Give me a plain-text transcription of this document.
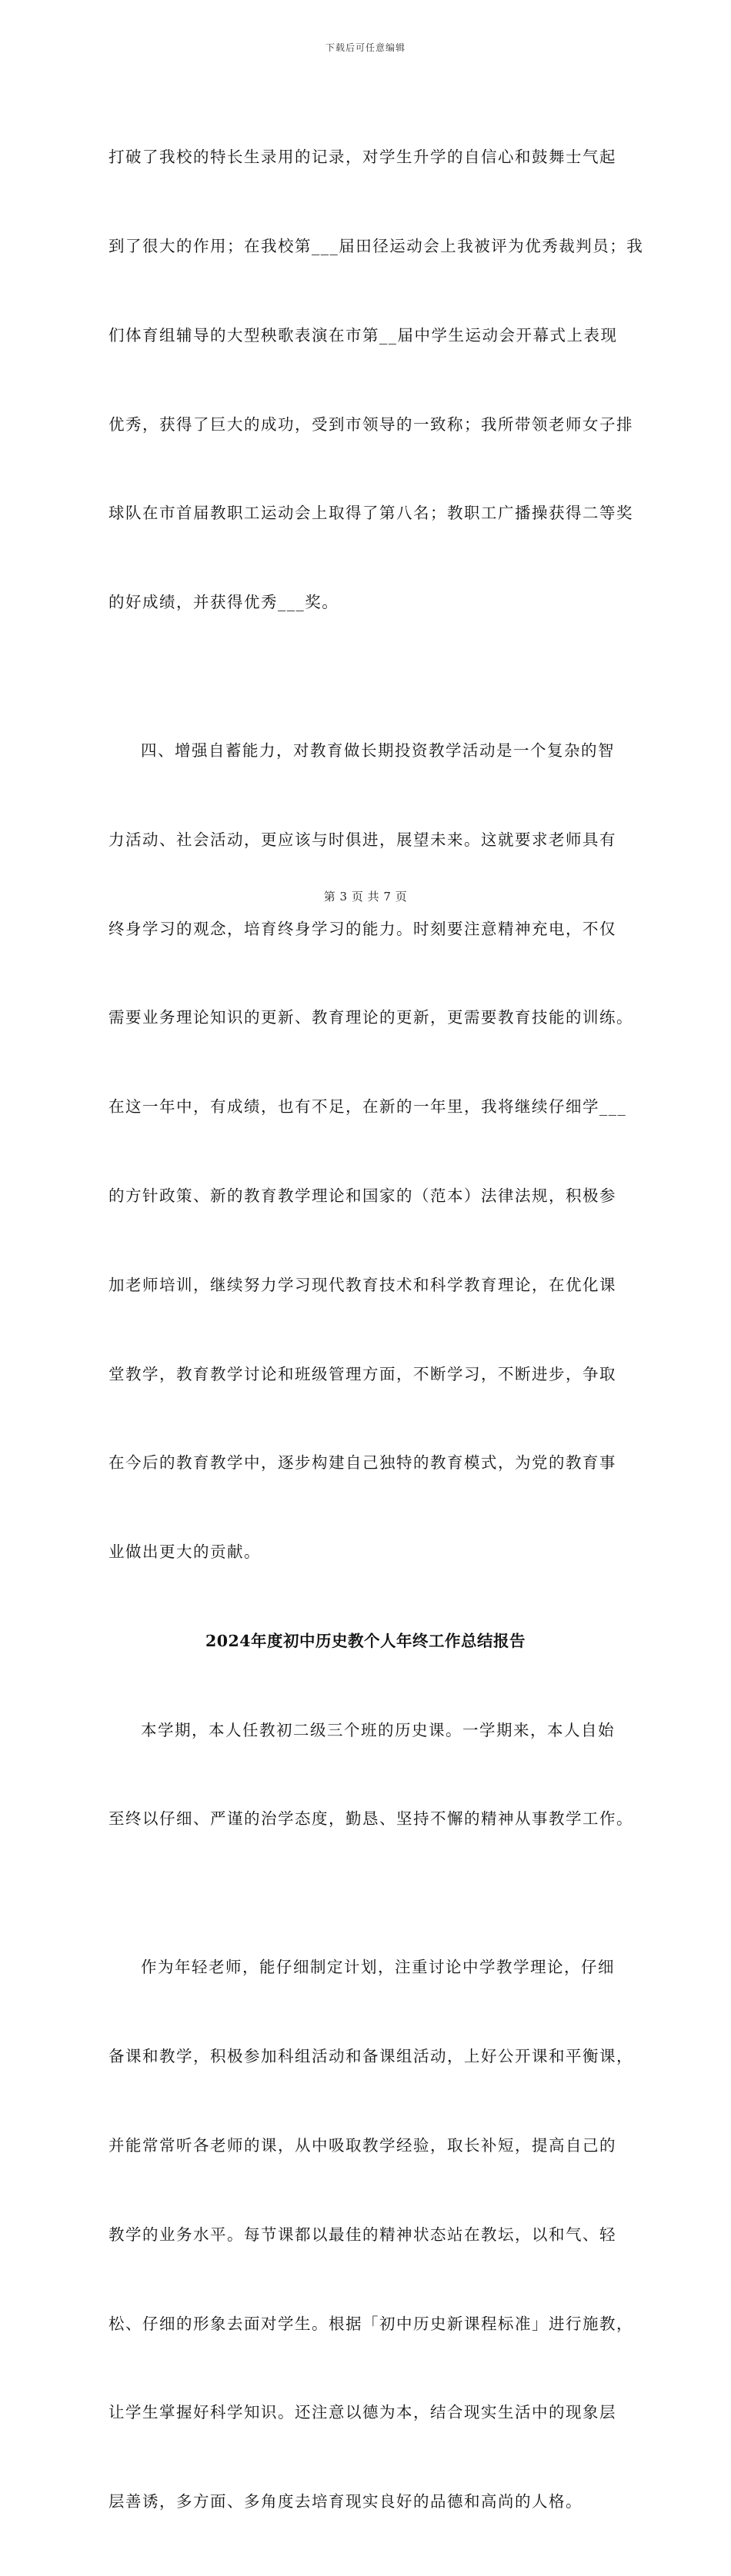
下载后可任意编辑

打破了我校的特长生录用的记录，对学生升学的自信心和鼓舞士气起

到了很大的作用；在我校第___届田径运动会上我被评为优秀裁判员；我

们体育组辅导的大型秧歌表演在市第__届中学生运动会开幕式上表现

优秀，获得了巨大的成功，受到市领导的一致称；我所带领老师女子排

球队在市首届教职工运动会上取得了第八名；教职工广播操获得二等奖

的好成绩，并获得优秀___奖。

四、增强自蓄能力，对教育做长期投资教学活动是一个复杂的智

力活动、社会活动，更应该与时俱进，展望未来。这就要求老师具有

终身学习的观念，培育终身学习的能力。时刻要注意精神充电，不仅

需要业务理论知识的更新、教育理论的更新，更需要教育技能的训练。

在这一年中，有成绩，也有不足，在新的一年里，我将继续仔细学___

的方针政策、新的教育教学理论和国家的（范本）法律法规，积极参

加老师培训，继续努力学习现代教育技术和科学教育理论，在优化课

堂教学，教育教学讨论和班级管理方面，不断学习，不断进步，争取

在今后的教育教学中，逐步构建自己独特的教育模式，为党的教育事

业做出更大的贡献。

2024年度初中历史教个人年终工作总结报告

本学期，本人任教初二级三个班的历史课。一学期来，本人自始

至终以仔细、严谨的治学态度，勤恳、坚持不懈的精神从事教学工作。

作为年轻老师，能仔细制定计划，注重讨论中学教学理论，仔细

备课和教学，积极参加科组活动和备课组活动，上好公开课和平衡课，

并能常常听各老师的课，从中吸取教学经验，取长补短，提高自己的

教学的业务水平。每节课都以最佳的精神状态站在教坛，以和气、轻

松、仔细的形象去面对学生。根据「初中历史新课程标准」进行施教，

让学生掌握好科学知识。还注意以德为本，结合现实生活中的现象层

层善诱，多方面、多角度去培育现实良好的品德和高尚的人格。

第 3 页 共 7 页
